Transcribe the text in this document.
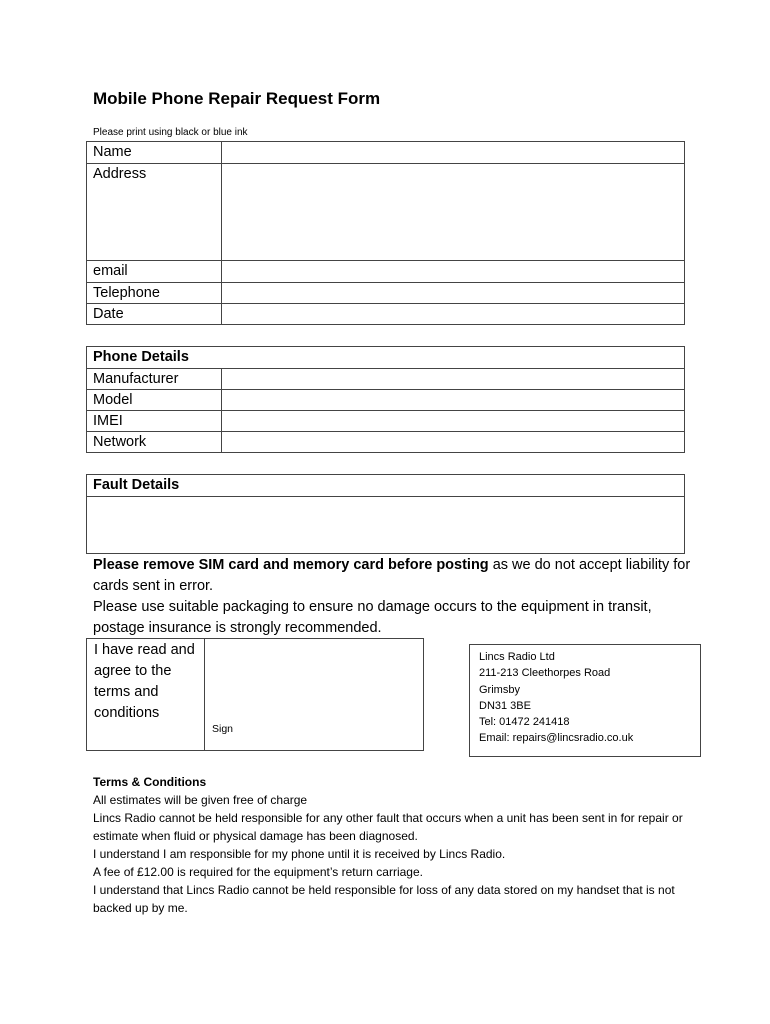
Mobile Phone Repair Request Form
Please print using black or blue ink
Name	
Address	
email	
Telephone	
Date	
Phone Details	
Manufacturer	
Model	
IMEI	
Network	
Fault Details

Please remove SIM card and memory card before posting as we do not accept liability for cards sent in error.
Please use suitable packaging to ensure no damage occurs to the equipment in transit, postage insurance is strongly recommended.
I have read and agree to the terms and conditions
Sign
Lincs Radio Ltd
211-213 Cleethorpes Road
Grimsby
DN31 3BE
Tel: 01472 241418
Email: repairs@lincsradio.co.uk
Terms & Conditions
All estimates will be given free of charge
Lincs Radio cannot be held responsible for any other fault that occurs when a unit has been sent in for repair or estimate when fluid or physical damage has been diagnosed.
I understand I am responsible for my phone until it is received by Lincs Radio.
A fee of £12.00 is required for the equipment’s return carriage.
I understand that Lincs Radio cannot be held responsible for loss of any data stored on my handset that is not backed up by me.
